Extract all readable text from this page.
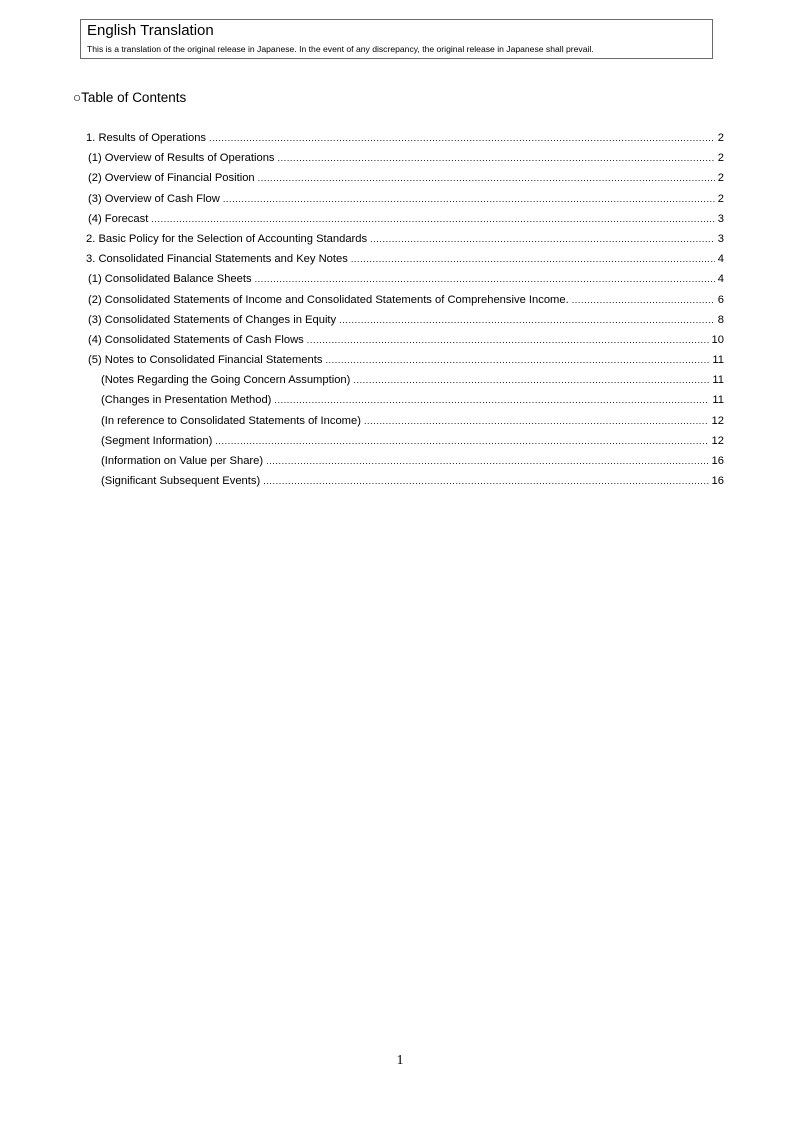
English Translation
This is a translation of the original release in Japanese. In the event of any discrepancy, the original release in Japanese shall prevail.
○Table of Contents
1. Results of Operations .....	2
(1) Overview of Results of Operations .....	2
(2) Overview of Financial Position .....	2
(3) Overview of Cash Flow .....	2
(4) Forecast .....	3
2. Basic Policy for the Selection of Accounting Standards .....	3
3. Consolidated Financial Statements and Key Notes .....	4
(1) Consolidated Balance Sheets .....	4
(2) Consolidated Statements of Income and Consolidated Statements of Comprehensive Income. .....	6
(3) Consolidated Statements of Changes in Equity .....	8
(4) Consolidated Statements of Cash Flows .....	10
(5) Notes to Consolidated Financial Statements .....	11
(Notes Regarding the Going Concern Assumption) .....	11
(Changes in Presentation Method) .....	11
(In reference to Consolidated Statements of Income) .....	12
(Segment Information) .....	12
(Information on Value per Share) .....	16
(Significant Subsequent Events) .....	16
1
